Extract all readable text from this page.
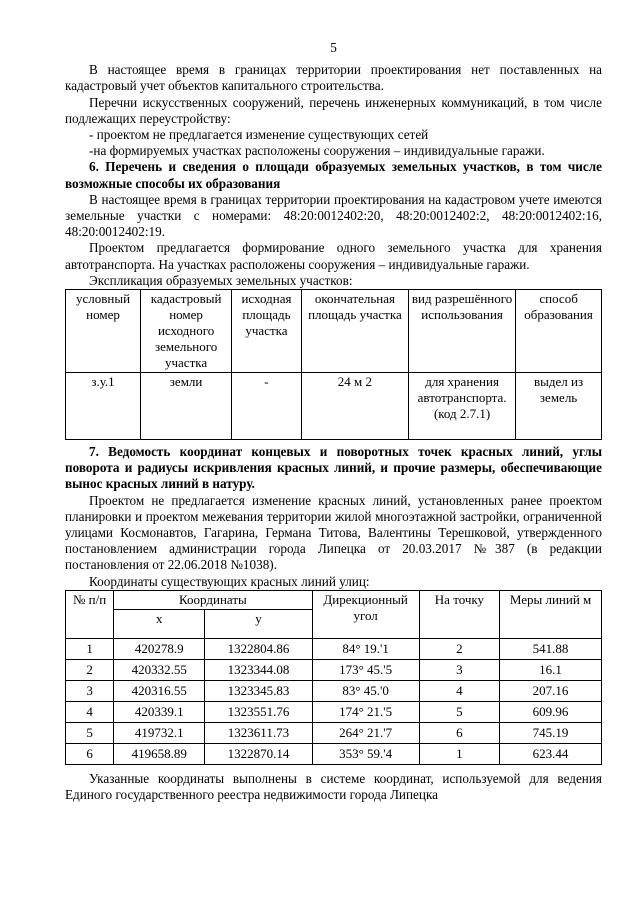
5

В настоящее время в границах территории проектирования нет поставленных на кадастровый учет объектов капитального строительства.

Перечни искусственных сооружений, перечень инженерных коммуникаций, в том числе подлежащих переустройству:

- проектом не предлагается изменение существующих сетей

-на формируемых участках расположены сооружения – индивидуальные гаражи.

6. Перечень и сведения о площади образуемых земельных участков, в том числе возможные способы их образования

В настоящее время в границах территории проектирования на кадастровом учете имеются земельные участки с номерами: 48:20:0012402:20, 48:20:0012402:2, 48:20:0012402:16, 48:20:0012402:19.

Проектом предлагается формирование одного земельного участка для хранения автотранспорта. На участках расположены сооружения – индивидуальные гаражи.

Экспликация образуемых земельных участков:

условный номер	кадастровый номер исходного земельного участка	исходная площадь участка	окончательная площадь участка	вид разрешённого использования	способ образования
з.у.1	земли	-	24 м 2	для хранения автотранспорта. (код 2.7.1)	выдел из земель

7. Ведомость координат концевых и поворотных точек красных линий, углы поворота и радиусы искривления красных линий, и прочие размеры, обеспечивающие вынос красных линий в натуру.

Проектом не предлагается изменение красных линий, установленных ранее проектом планировки и проектом межевания территории жилой многоэтажной застройки, ограниченной улицами Космонавтов, Гагарина, Германа Титова, Валентины Терешковой, утвержденного постановлением администрации города Липецка от 20.03.2017 №387 (в редакции постановления от 22.06.2018 №1038).

Координаты существующих красных линий улиц:

№ п/п	Координаты		Дирекционный угол	На точку	Меры линий м
	x	y			
1	420278.9	1322804.86	84° 19.'1	2	541.88
2	420332.55	1323344.08	173° 45.'5	3	16.1
3	420316.55	1323345.83	83° 45.'0	4	207.16
4	420339.1	1323551.76	174° 21.'5	5	609.96
5	419732.1	1323611.73	264° 21.'7	6	745.19
6	419658.89	1322870.14	353° 59.'4	1	623.44

Указанные координаты выполнены в системе координат, используемой для ведения Единого государственного реестра недвижимости города Липецка
